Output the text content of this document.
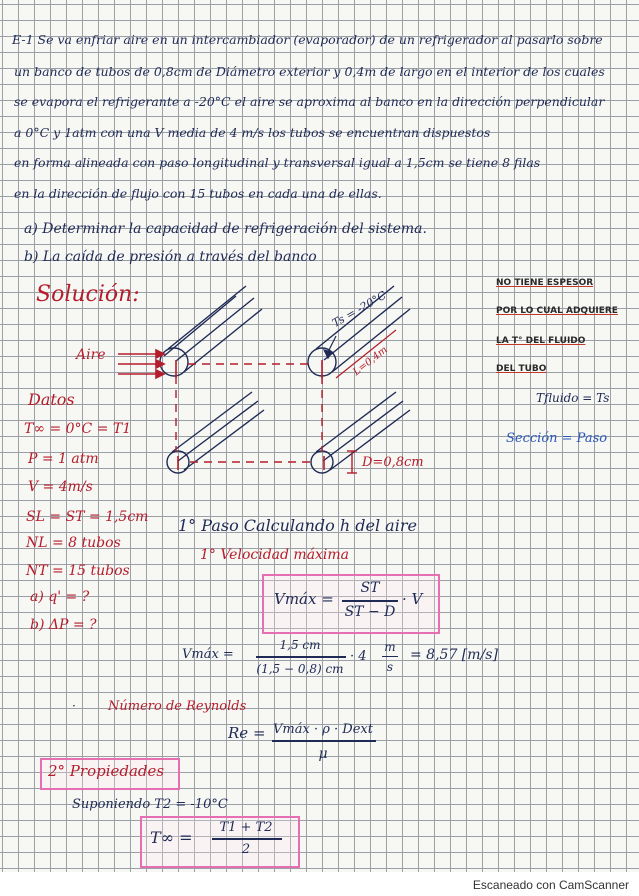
E-1 Se va enfriar aire en un intercambiador (evaporador) de un refrigerador al pasarlo sobre
un banco de tubos de 0,8cm de Diámetro exterior y 0,4m de largo en el interior de los cuales
se evapora el refrigerante a -20°C el aire se aproxima al banco en la dirección perpendicular
a 0°C y 1atm con una V media de 4 m/s los tubos se encuentran dispuestos
en forma alineada con paso longitudinal y transversal igual a 1,5cm se tiene 8 filas
en la dirección de flujo con 15 tubos en cada una de ellas.
a) Determinar la capacidad de refrigeración del sistema.
b) La caída de presión a través del banco
Solución:	NO TIENE ESPESOR
POR LO CUAL ADQUIERE
LA T° DEL FLUIDO
DEL TUBO
Tfluido = Ts
Sección = Paso
Aire
Ts = -20°C
L=0,4m
D=0,8cm
Datos
T∞ = 0°C = T1
P = 1 atm
V = 4m/s
SL = ST = 1,5cm
NL = 8 tubos
NT = 15 tubos
a) q' = ?
b) ΔP = ?
1° Paso Calculando h del aire
1° Velocidad máxima
Vmáx =
ST
ST − D
· V
Vmáx =
1,5 cm
(1,5 − 0,8) cm
· 4
m
s
= 8,57 [m/s]
· Número de Reynolds
Re = Vmáx · ρ · Dext
μ
2° Propiedades
Suponiendo T2 = -10°C
T∞ =
T1 + T2
2
Escaneado con CamScanner
